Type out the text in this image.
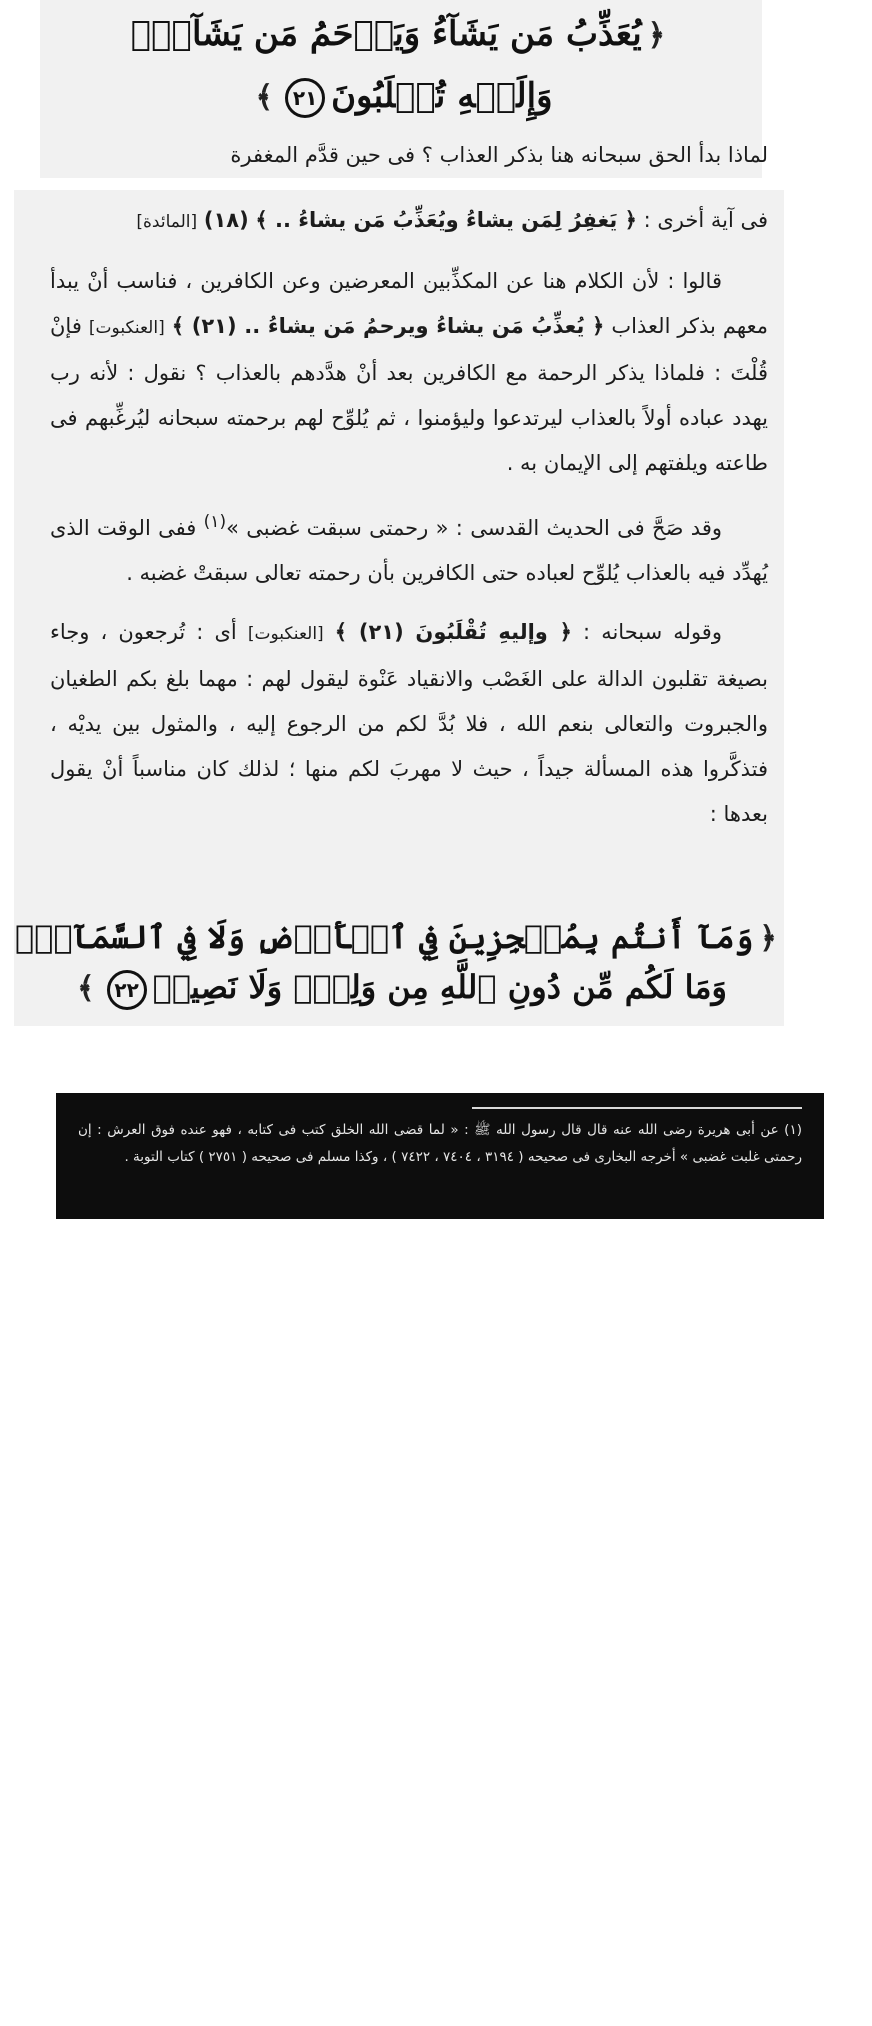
﴿يُعَذِّبُ مَن يَشَآءُ وَيَرۡحَمُ مَن يَشَآءُۖ
وَإِلَيۡهِ تُقۡلَبُونَ٢١﴾

لماذا بدأ الحق سبحانه هنا بذكر العذاب ؟ فى حين قدَّم المغفرة

فى آية أخرى : ﴿ يَغفِرُ لِمَن يشاءُ ويُعَذِّبُ مَن يشاءُ .. ﴾ (١٨) [المائدة]

قالوا : لأن الكلام هنا عن المكذِّبين المعرضين وعن الكافرين ، فناسب أنْ يبدأ معهم بذكر العذاب ﴿ يُعذِّبُ مَن يشاءُ ويرحمُ مَن يشاءُ .. (٢١) ﴾ [العنكبوت] فإنْ قُلْتَ : فلماذا يذكر الرحمة مع الكافرين بعد أنْ هدَّدهم بالعذاب ؟ نقول : لأنه رب يهدد عباده أولاً بالعذاب ليرتدعوا وليؤمنوا ، ثم يُلوِّح لهم برحمته سبحانه ليُرغِّبهم فى طاعته ويلفتهم إلى الإيمان به .

وقد صَحَّ فى الحديث القدسى : « رحمتى سبقت غضبى »$^{(١)}$ ففى الوقت الذى يُهدِّد فيه بالعذاب يُلوِّح لعباده حتى الكافرين بأن رحمته تعالى سبقتْ غضبه .

وقوله سبحانه : ﴿ وإليهِ تُقْلَبُونَ (٢١) ﴾ [العنكبوت] أى : تُرجعون ، وجاء بصيغة تقلبون الدالة على الغَصْب والانقياد عَنْوة ليقول لهم : مهما بلغ بكم الطغيان والجبروت والتعالى بنعم الله ، فلا بُدَّ لكم من الرجوع إليه ، والمثول بين يديْه ، فتذكَّروا هذه المسألة جيداً ، حيث لا مهربَ لكم منها ؛ لذلك كان مناسباً أنْ يقول بعدها :

﴿وَمَآ أَنتُم بِمُعۡجِزِينَ فِي ٱلۡأَرۡضِ وَلَا فِي ٱلسَّمَآءِۖ
وَمَا لَكُم مِّن دُونِ ٱللَّهِ مِن وَلِيّٖ وَلَا نَصِيرٖ٢٢﴾
(١) عن أبى هريرة رضى الله عنه قال قال رسول الله ﷺ : « لما قضى الله الخلق كتب فى كتابه ، فهو عنده فوق العرش : إن رحمتى غلبت غضبى » أخرجه البخارى فى صحيحه ( ٣١٩٤ ، ٧٤٠٤ ، ٧٤٢٢ ) ، وكذا مسلم فى صحيحه ( ٢٧٥١ ) كتاب التوبة .
